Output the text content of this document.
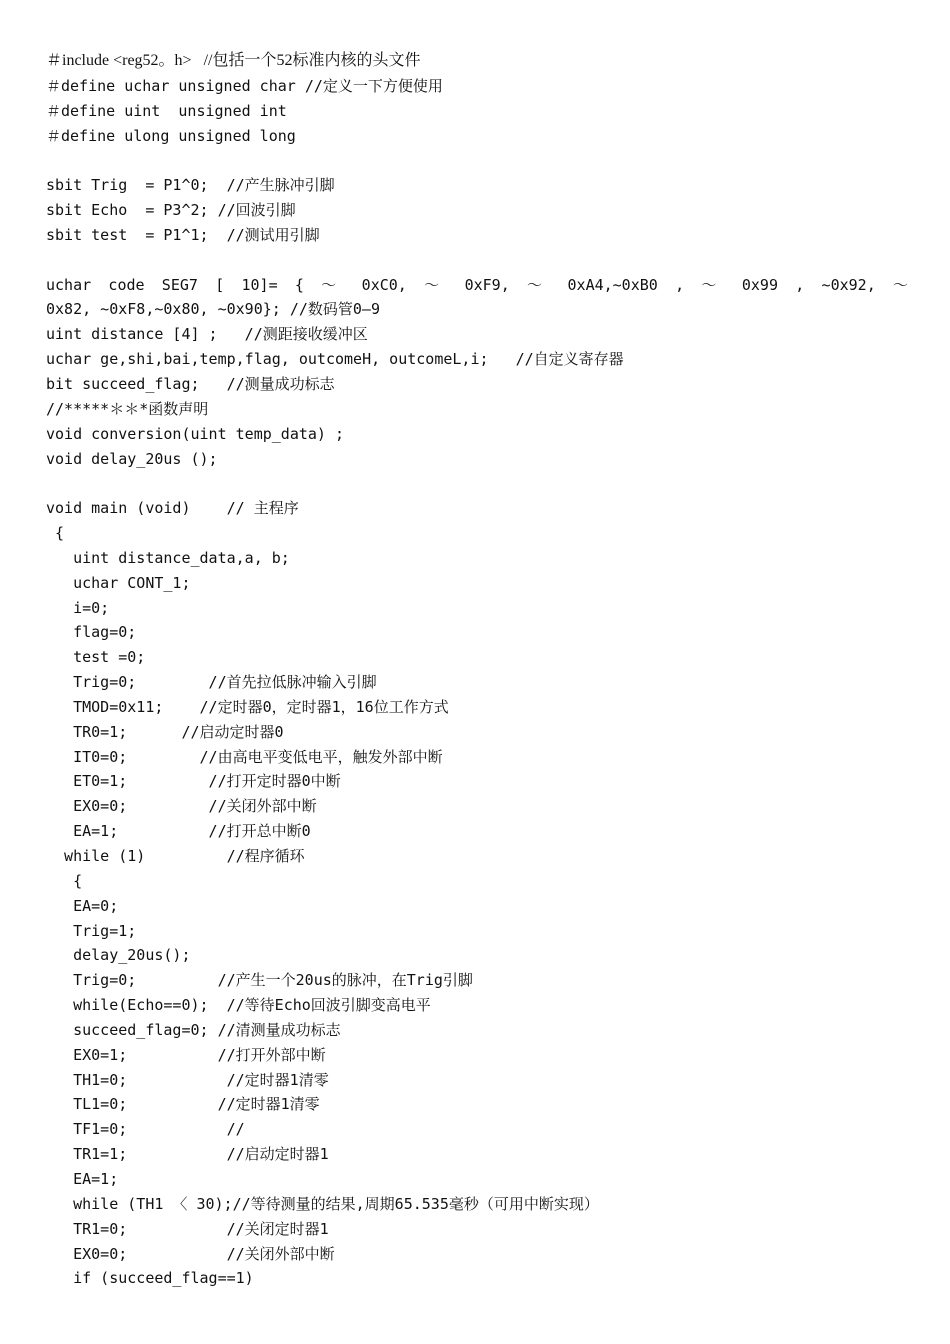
＃include <reg52。h>   //包括一个52标准内核的头文件
＃define uchar unsigned char //定义一下方便使用
＃define uint  unsigned int
＃define ulong unsigned long
sbit Trig  = P1^0;  //产生脉冲引脚
sbit Echo  = P3^2; //回波引脚
sbit test  = P1^1;  //测试用引脚
uchar code SEG7 [ 10]= { ～ 0xC0, ～ 0xF9, ～ 0xA4,~0xB0 , ～ 0x99 , ~0x92, ～
0x82, ~0xF8,~0x80, ~0x90}; //数码管0—9
uint distance [4] ;   //测距接收缓冲区
uchar ge,shi,bai,temp,flag, outcomeH, outcomeL,i;   //自定义寄存器
bit succeed_flag;   //测量成功标志
//*****＊＊*函数声明
void conversion(uint temp_data) ;
void delay_20us ();
void main (void)    // 主程序
{
uint distance_data,a, b;
uchar CONT_1;
i=0;
flag=0;
test =0;
Trig=0;        //首先拉低脉冲输入引脚
TMOD=0x11;    //定时器0，定时器1，16位工作方式
TR0=1;      //启动定时器0
IT0=0;        //由高电平变低电平，触发外部中断
ET0=1;         //打开定时器0中断
EX0=0;         //关闭外部中断
EA=1;          //打开总中断0
while (1)         //程序循环
{
EA=0;
Trig=1;
delay_20us();
Trig=0;         //产生一个20us的脉冲，在Trig引脚
while(Echo==0);  //等待Echo回波引脚变高电平
succeed_flag=0; //清测量成功标志
EX0=1;          //打开外部中断
TH1=0;           //定时器1清零
TL1=0;          //定时器1清零
TF1=0;           //
TR1=1;           //启动定时器1
EA=1;
while (TH1 〈 30);//等待测量的结果,周期65.535毫秒（可用中断实现）
TR1=0;           //关闭定时器1
EX0=0;           //关闭外部中断
if (succeed_flag==1)
